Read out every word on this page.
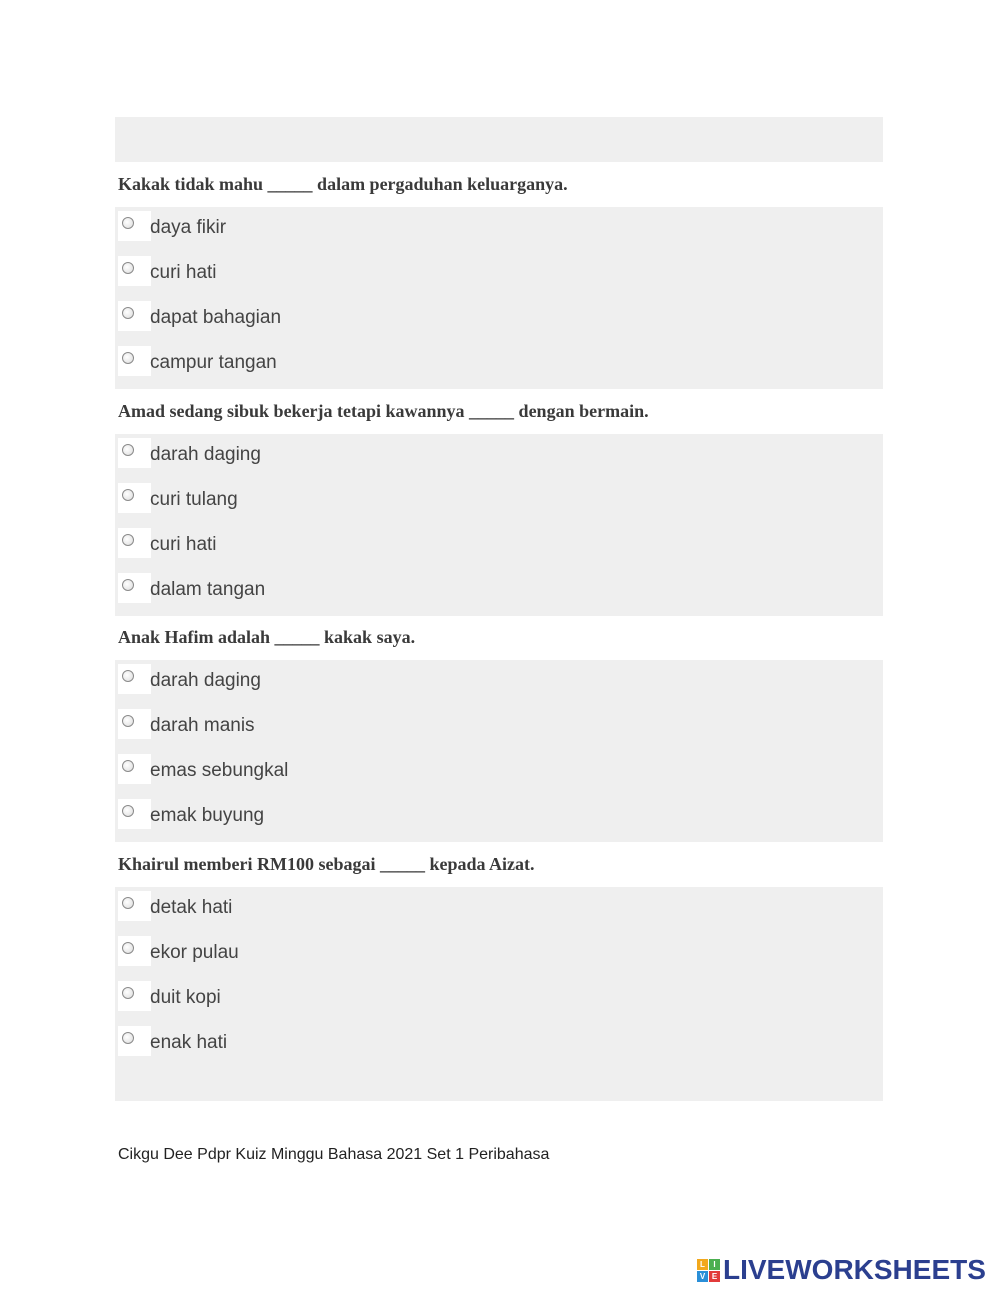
Kakak tidak mahu _____ dalam pergaduhan keluarganya.
daya fikir
curi hati
dapat bahagian
campur tangan
Amad sedang sibuk bekerja tetapi kawannya _____ dengan bermain.
darah daging
curi tulang
curi hati
dalam tangan
Anak Hafim adalah _____ kakak saya.
darah daging
darah manis
emas sebungkal
emak buyung
Khairul memberi RM100 sebagai _____ kepada Aizat.
detak hati
ekor pulau
duit kopi
enak hati
Cikgu Dee Pdpr Kuiz Minggu Bahasa 2021 Set 1 Peribahasa
L	I
V E LIVEWORKSHEETS
